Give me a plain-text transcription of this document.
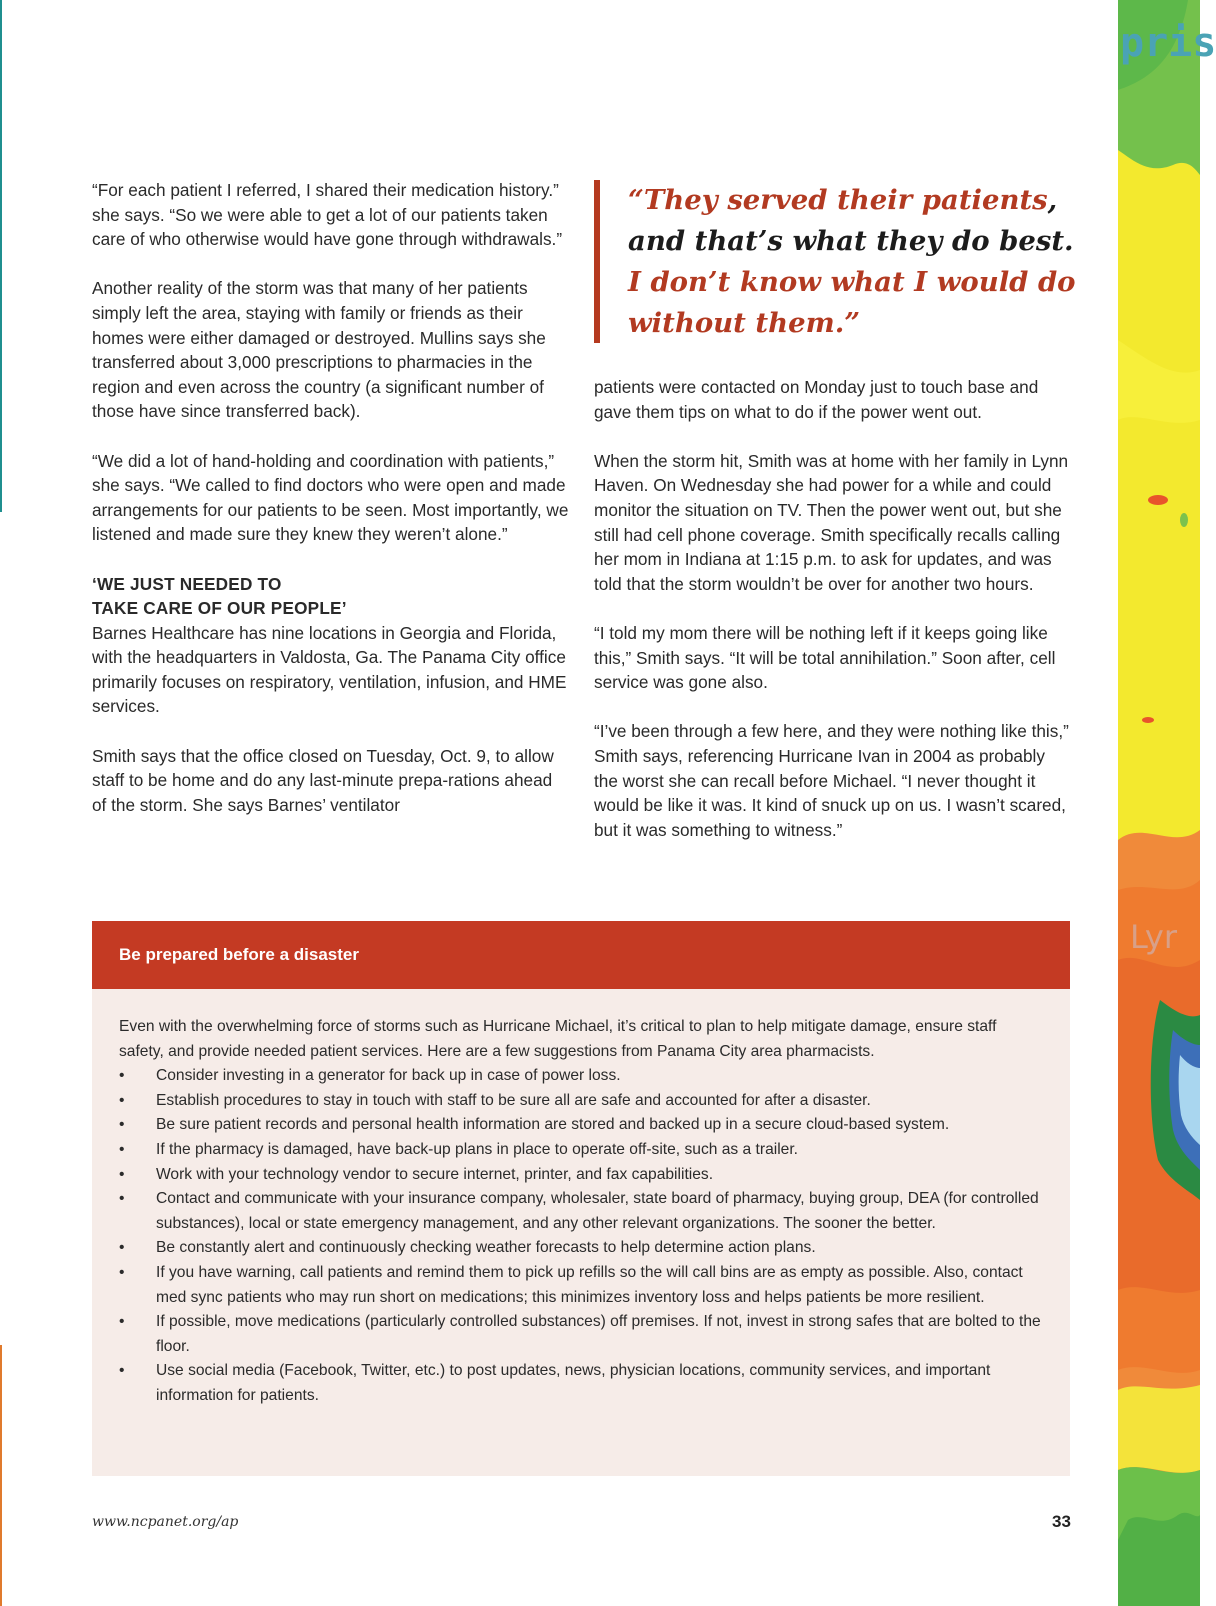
“For each patient I referred, I shared their medication history.” she says. “So we were able to get a lot of our patients taken care of who otherwise would have gone through withdrawals.”

Another reality of the storm was that many of her patients simply left the area, staying with family or friends as their homes were either damaged or destroyed. Mullins says she transferred about 3,000 prescriptions to pharmacies in the region and even across the country (a significant number of those have since transferred back).

“We did a lot of hand-holding and coordination with patients,” she says. “We called to find doctors who were open and made arrangements for our patients to be seen. Most importantly, we listened and made sure they knew they weren’t alone.”

‘WE JUST NEEDED TO
TAKE CARE OF OUR PEOPLE’

Barnes Healthcare has nine locations in Georgia and Florida, with the headquarters in Valdosta, Ga. The Panama City office primarily focuses on respiratory, ventilation, infusion, and HME services.

Smith says that the office closed on Tuesday, Oct. 9, to allow staff to be home and do any last-minute prepa-rations ahead of the storm. She says Barnes’ ventilator

“They served their patients,
and that’s what they do best.
I don’t know what I would do
without them.”

patients were contacted on Monday just to touch base and gave them tips on what to do if the power went out.

When the storm hit, Smith was at home with her family in Lynn Haven. On Wednesday she had power for a while and could monitor the situation on TV. Then the power went out, but she still had cell phone coverage. Smith specifically recalls calling her mom in Indiana at 1:15 p.m. to ask for updates, and was told that the storm wouldn’t be over for another two hours.

“I told my mom there will be nothing left if it keeps going like this,” Smith says. “It will be total annihilation.” Soon after, cell service was gone also.

“I’ve been through a few here, and they were nothing like this,” Smith says, referencing Hurricane Ivan in 2004 as probably the worst she can recall before Michael. “I never thought it would be like it was. It kind of snuck up on us. I wasn’t scared, but it was something to witness.”

Be prepared before a disaster

Even with the overwhelming force of storms such as Hurricane Michael, it’s critical to plan to help mitigate damage, ensure staff safety, and provide needed patient services. Here are a few suggestions from Panama City area pharmacists.

• Consider investing in a generator for back up in case of power loss.
• Establish procedures to stay in touch with staff to be sure all are safe and accounted for after a disaster.
• Be sure patient records and personal health information are stored and backed up in a secure cloud-based system.
• If the pharmacy is damaged, have back-up plans in place to operate off-site, such as a trailer.
• Work with your technology vendor to secure internet, printer, and fax capabilities.
• Contact and communicate with your insurance company, wholesaler, state board of pharmacy, buying group, DEA (for controlled substances), local or state emergency management, and any other relevant organizations. The sooner the better.
• Be constantly alert and continuously checking weather forecasts to help determine action plans.
• If you have warning, call patients and remind them to pick up refills so the will call bins are as empty as possible. Also, contact med sync patients who may run short on medications; this minimizes inventory loss and helps patients be more resilient.
• If possible, move medications (particularly controlled substances) off premises. If not, invest in strong safes that are bolted to the floor.
• Use social media (Facebook, Twitter, etc.) to post updates, news, physician locations, community services, and important information for patients.
www.ncpanet.org/ap	33
pris
Lyr
